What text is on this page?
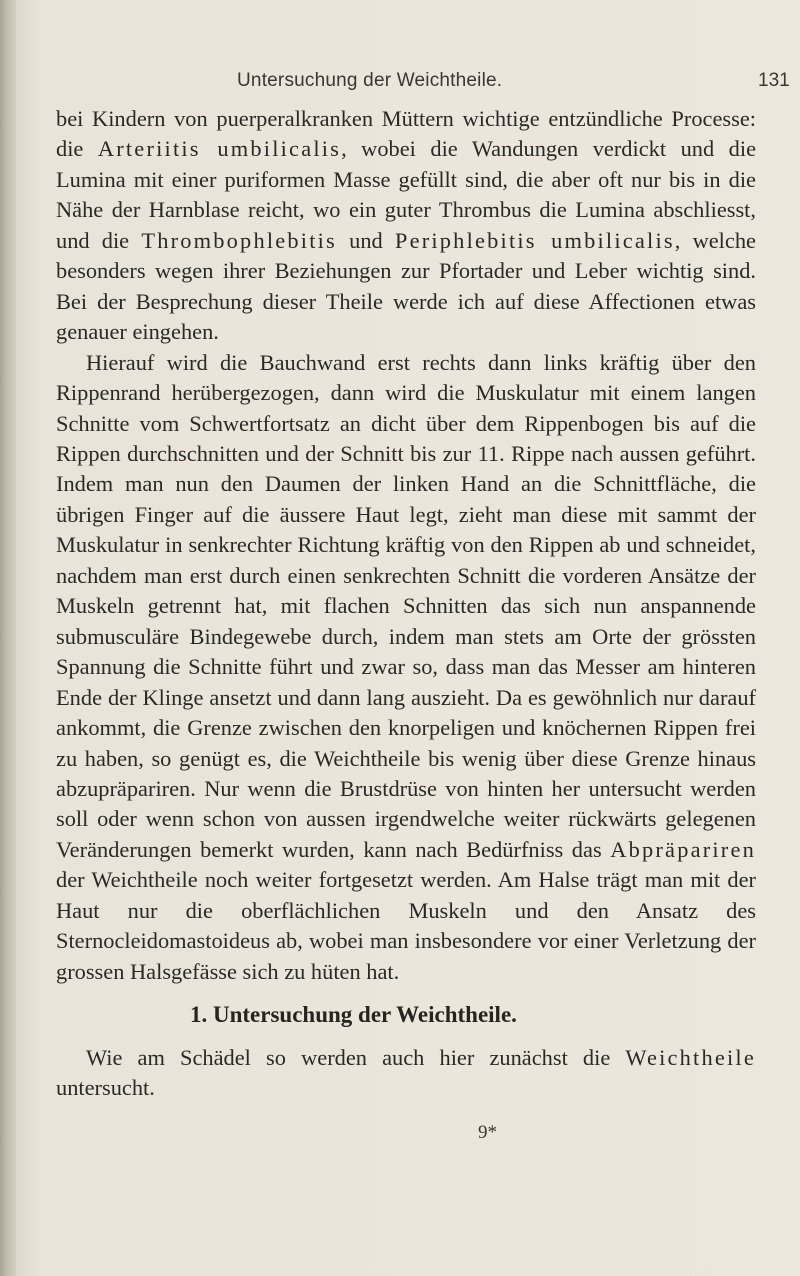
Untersuchung der Weichtheile.	131

bei Kindern von puerperalkranken Müttern wichtige entzündliche Processe: die Arteriitis umbilicalis, wobei die Wandungen verdickt und die Lumina mit einer puriformen Masse gefüllt sind, die aber oft nur bis in die Nähe der Harnblase reicht, wo ein guter Thrombus die Lumina abschliesst, und die Thrombophlebitis und Periphlebitis umbilicalis, welche besonders wegen ihrer Beziehungen zur Pfortader und Leber wichtig sind. Bei der Besprechung dieser Theile werde ich auf diese Affectionen etwas genauer eingehen.

Hierauf wird die Bauchwand erst rechts dann links kräftig über den Rippenrand herübergezogen, dann wird die Muskulatur mit einem langen Schnitte vom Schwertfortsatz an dicht über dem Rippenbogen bis auf die Rippen durchschnitten und der Schnitt bis zur 11. Rippe nach aussen geführt. Indem man nun den Daumen der linken Hand an die Schnittfläche, die übrigen Finger auf die äussere Haut legt, zieht man diese mit sammt der Muskulatur in senkrechter Richtung kräftig von den Rippen ab und schneidet, nachdem man erst durch einen senkrechten Schnitt die vorderen Ansätze der Muskeln getrennt hat, mit flachen Schnitten das sich nun anspannende submusculäre Bindegewebe durch, indem man stets am Orte der grössten Spannung die Schnitte führt und zwar so, dass man das Messer am hinteren Ende der Klinge ansetzt und dann lang auszieht. Da es gewöhnlich nur darauf ankommt, die Grenze zwischen den knorpeligen und knöchernen Rippen frei zu haben, so genügt es, die Weichtheile bis wenig über diese Grenze hinaus abzupräpariren. Nur wenn die Brustdrüse von hinten her untersucht werden soll oder wenn schon von aussen irgendwelche weiter rückwärts gelegenen Veränderungen bemerkt wurden, kann nach Bedürfniss das Abpräpariren der Weichtheile noch weiter fortgesetzt werden. Am Halse trägt man mit der Haut nur die oberflächlichen Muskeln und den Ansatz des Sternocleidomastoideus ab, wobei man insbesondere vor einer Verletzung der grossen Halsgefässe sich zu hüten hat.

1. Untersuchung der Weichtheile.

Wie am Schädel so werden auch hier zunächst die Weichtheile untersucht.

9*
